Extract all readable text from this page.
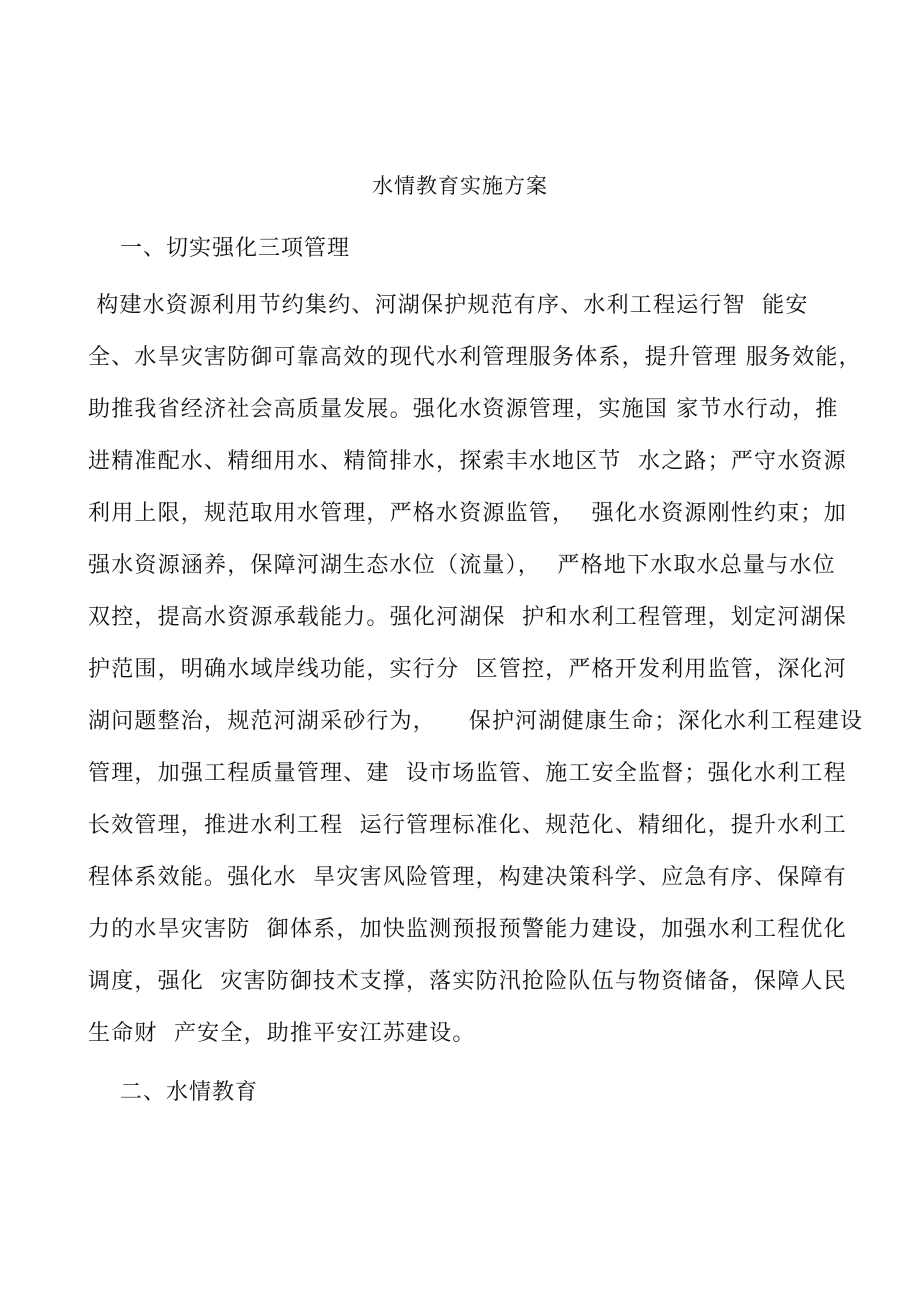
水情教育实施方案
一、切实强化三项管理
构建水资源利用节约集约、河湖保护规范有序、水利工程运行智  能安
全、水旱灾害防御可靠高效的现代水利管理服务体系，提升管理 服务效能，
助推我省经济社会高质量发展。强化水资源管理，实施国 家节水行动，推
进精准配水、精细用水、精简排水，探索丰水地区节  水之路；严守水资源
利用上限，规范取用水管理，严格水资源监管，  强化水资源刚性约束；加
强水资源涵养，保障河湖生态水位（流量），  严格地下水取水总量与水位
双控，提高水资源承载能力。强化河湖保  护和水利工程管理，划定河湖保
护范围，明确水域岸线功能，实行分  区管控，严格开发利用监管，深化河
湖问题整治，规范河湖采砂行为，    保护河湖健康生命；深化水利工程建设
管理，加强工程质量管理、建  设市场监管、施工安全监督；强化水利工程
长效管理，推进水利工程  运行管理标准化、规范化、精细化，提升水利工
程体系效能。强化水  旱灾害风险管理，构建决策科学、应急有序、保障有
力的水旱灾害防  御体系，加快监测预报预警能力建设，加强水利工程优化
调度，强化  灾害防御技术支撑，落实防汛抢险队伍与物资储备，保障人民
生命财  产安全，助推平安江苏建设。
二、水情教育
